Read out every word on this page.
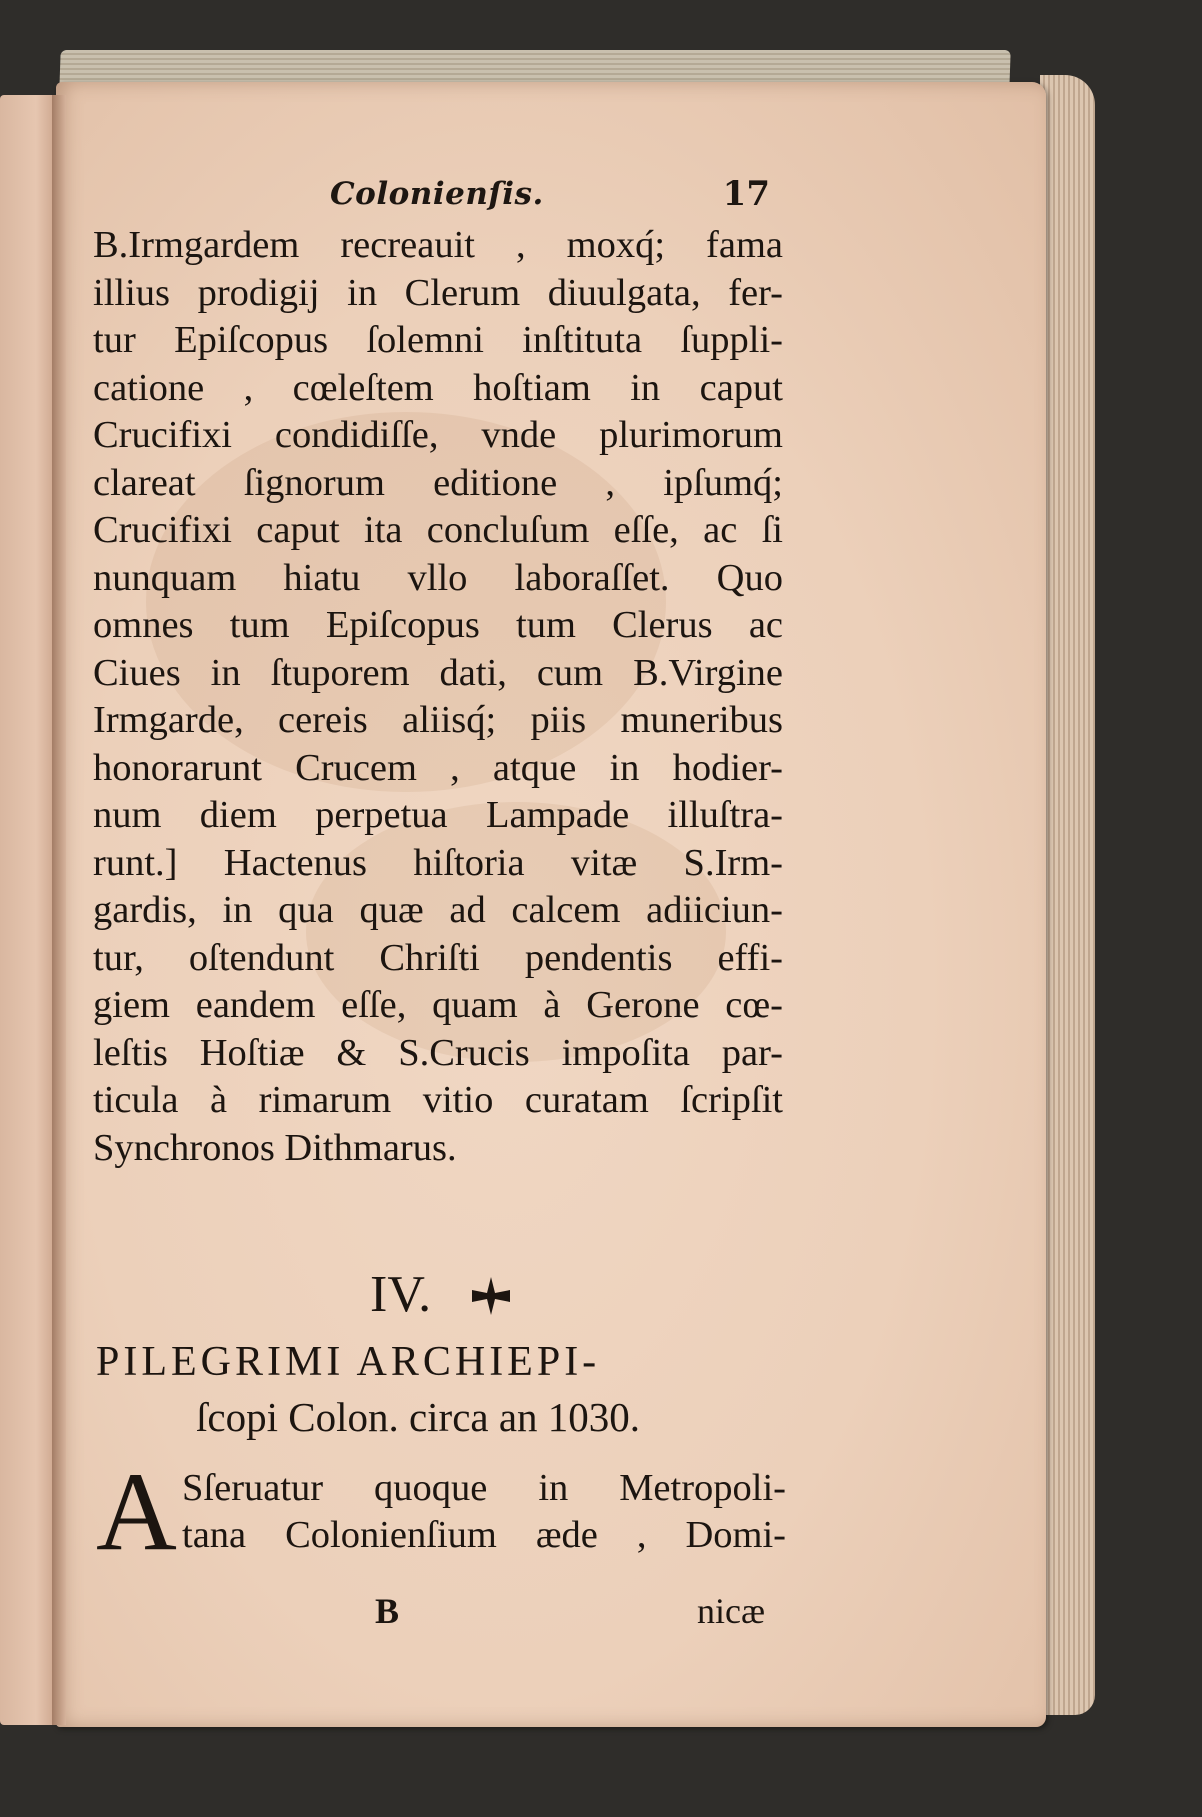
Colonienſis.	17
B.Irmgardem recreauit , moxq́; fama
illius prodigij in Clerum diuulgata, fer-
tur Epiſcopus ſolemni inſtituta ſuppli-
catione , cœleſtem hoſtiam in caput
Crucifixi condidiſſe, vnde plurimorum
clareat ſignorum editione , ipſumq́;
Crucifixi caput ita concluſum eſſe, ac ſi
nunquam hiatu vllo laboraſſet. Quo
omnes tum Epiſcopus tum Clerus ac
Ciues in ſtuporem dati, cum B.Virgine
Irmgarde, cereis aliisq́; piis muneribus
honorarunt Crucem , atque in hodier-
num diem perpetua Lampade illuſtra-
runt.] Hactenus hiſtoria vitæ S.Irm-
gardis, in qua quæ ad calcem adiiciun-
tur, oſtendunt Chriſti pendentis effi-
giem eandem eſſe, quam à Gerone cœ-
leſtis Hoſtiæ & S.Crucis impoſita par-
ticula à rimarum vitio curatam ſcripſit
Synchronos Dithmarus.
IV.
PILEGRIMI ARCHIEPI-
ſcopi Colon. circa an 1030.
A Sſeruatur quoque in Metropoli-
tana Colonienſium æde , Domi-
B	nicæ
